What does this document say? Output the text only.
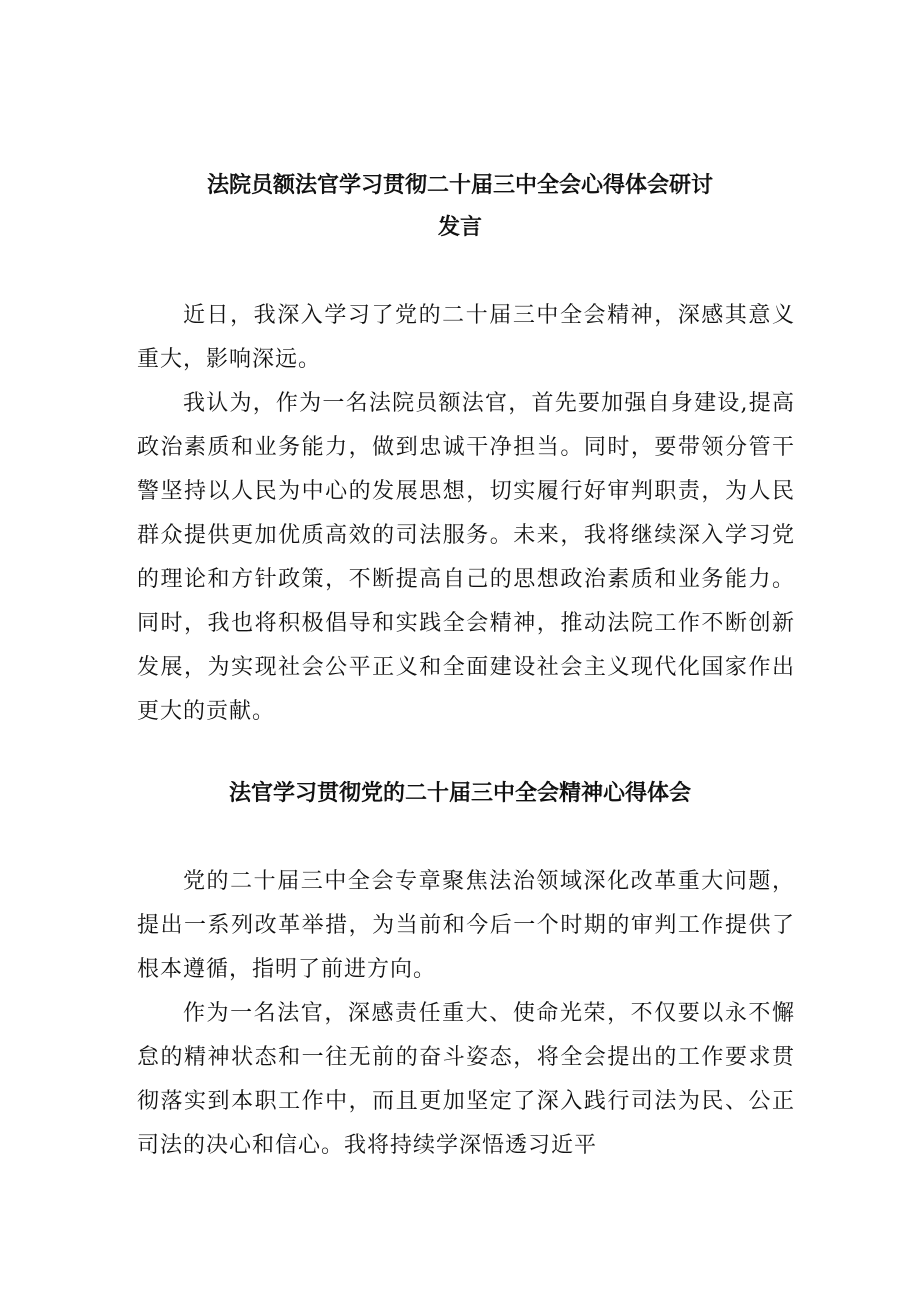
法院员额法官学习贯彻二十届三中全会心得体会研讨
发言

近日，我深入学习了党的二十届三中全会精神，深感其意义重大，影响深远。

我认为，作为一名法院员额法官，首先要加强自身建设,提高政治素质和业务能力，做到忠诚干净担当。同时，要带领分管干警坚持以人民为中心的发展思想，切实履行好审判职责，为人民群众提供更加优质高效的司法服务。未来，我将继续深入学习党的理论和方针政策，不断提高自己的思想政治素质和业务能力。同时，我也将积极倡导和实践全会精神，推动法院工作不断创新发展，为实现社会公平正义和全面建设社会主义现代化国家作出更大的贡献。

法官学习贯彻党的二十届三中全会精神心得体会

党的二十届三中全会专章聚焦法治领域深化改革重大问题，提出一系列改革举措，为当前和今后一个时期的审判工作提供了根本遵循，指明了前进方向。

作为一名法官，深感责任重大、使命光荣，不仅要以永不懈怠的精神状态和一往无前的奋斗姿态，将全会提出的工作要求贯彻落实到本职工作中，而且更加坚定了深入践行司法为民、公正司法的决心和信心。我将持续学深悟透习近平
